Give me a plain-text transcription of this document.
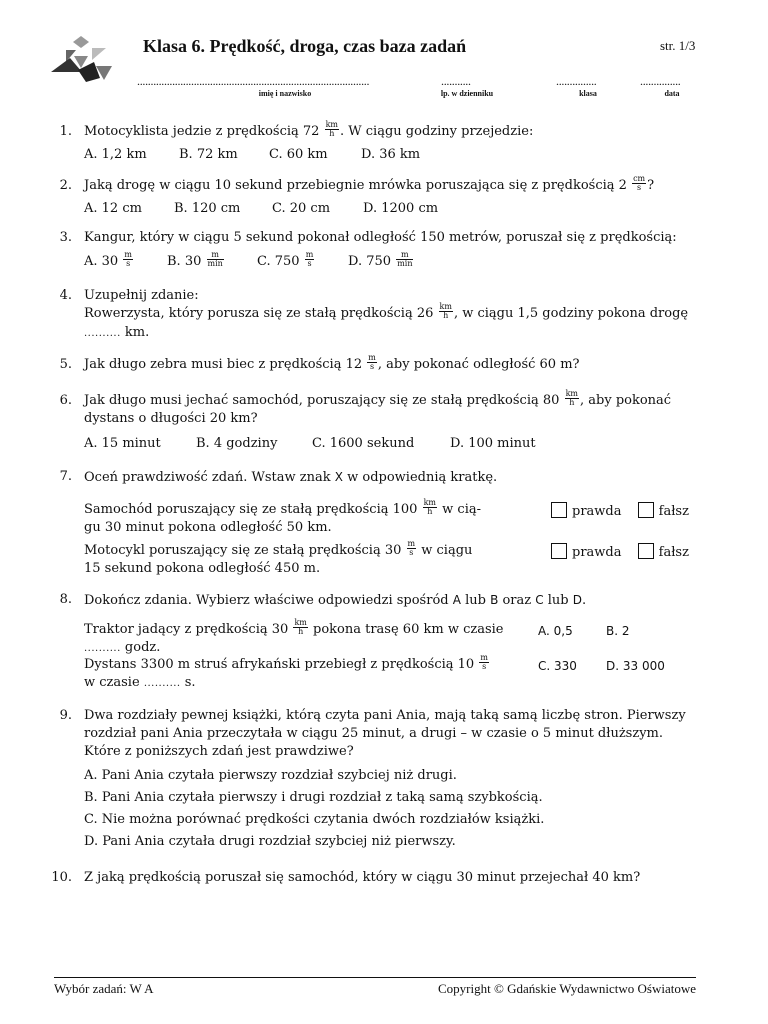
Klasa 6. Prędkość, droga, czas baza zadań	str. 1/3
......................................................................................
imię i nazwisko
...........
lp. w dzienniku
...............
klasa
...............
data
1. Motocyklista jedzie z prędkością $72 \frac{km}{h}$ . W ciągu godziny przejedzie:
A. 1,2 km B. 72 km C. 60 km	D. 36 km
2. Jaką drogę w ciągu 10 sekund przebiegnie mrówka poruszająca się z prędkością $2 \frac{cm}{s}$ ?
A. 12 cm B. 120 cm C. 20 cm	D. 1200 cm
3. Kangur, który w ciągu 5 sekund pokonał odległość 150 metrów, poruszał się z prędkością:
A. $30 \frac{m}{s}$	B. $30 \frac{m}{\min}$	C. $750 \frac{m}{s}$	D. $750 \frac{m}{\min}$
4. Uzupełnij zdanie:
Rowerzysta, który porusza się ze stałą prędkością $26 \frac{km}{h}$ , w ciągu 1,5 godziny pokona drogę
.......... km.
5. Jak długo zebra musi biec z prędkością $12 \frac{m}{s}$ , aby pokonać odległość 60 m?
6. Jak długo musi jechać samochód, poruszający się ze stałą prędkością $80 \frac{km}{h}$ , aby pokonać
dystans o długości 20 km?
A. 15 minut	B. 4 godziny	C. 1600 sekund	D. 100 minut
7. Oceń prawdziwość zdań. Wstaw znak X w odpowiednią kratkę.
Samochód poruszający się ze stałą prędkością $100 \frac{km}{h}$ w cią-
gu 30 minut pokona odległość 50 km.
prawda	fałsz
Motocykl poruszający się ze stałą prędkością $30 \frac{m}{s}$ w ciągu
15 sekund pokona odległość 450 m.
prawda	fałsz
8. Dokończ zdania. Wybierz właściwe odpowiedzi spośród A lub B oraz C lub D.
Traktor jadący z prędkością $30 \frac{km}{h}$ pokona trasę 60 km w czasie
.......... godz.
A. 0,5	B. 2
Dystans 3300 m struś afrykański przebiegł z prędkością $10 \frac{m}{s}$
w czasie .......... s.
C. 330 D. 33 000
9. Dwa rozdziały pewnej książki, którą czyta pani Ania, mają taką samą liczbę stron. Pierwszy
rozdział pani Ania przeczytała w ciągu 25 minut, a drugi – w czasie o 5 minut dłuższym.
Które z poniższych zdań jest prawdziwe?
A. Pani Ania czytała pierwszy rozdział szybciej niż drugi.
B. Pani Ania czytała pierwszy i drugi rozdział z taką samą szybkością.
C. Nie można porównać prędkości czytania dwóch rozdziałów książki.
D. Pani Ania czytała drugi rozdział szybciej niż pierwszy.
10. Z jaką prędkością poruszał się samochód, który w ciągu 30 minut przejechał 40 km?
Wybór zadań: W A	Copyright © Gdańskie Wydawnictwo Oświatowe
